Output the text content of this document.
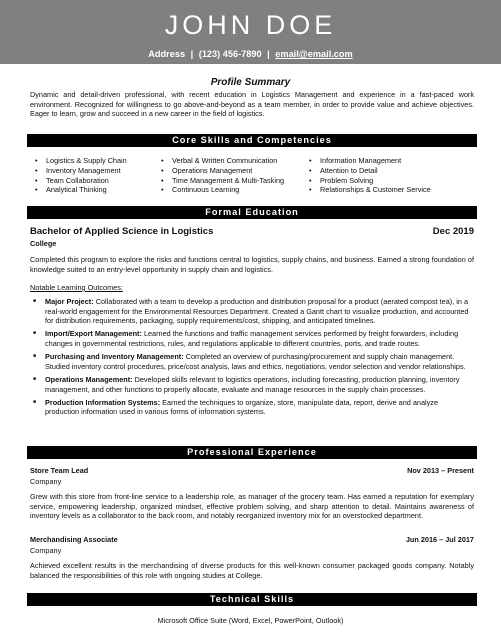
JOHN DOE
Address | (123) 456-7890 | email@email.com
Profile Summary
Dynamic and detail-driven professional, with recent education in Logistics Management and experience in a fast-paced work environment. Recognized for willingness to go above-and-beyond as a team member, in order to provide value and achieve objectives. Eager to learn, grow and succeed in a new career in the field of logistics.
Core Skills and Competencies
• Logistics & Supply Chain
• Inventory Management
• Team Collaboration
• Analytical Thinking
• Verbal & Written Communication
• Operations Management
• Time Management & Multi-Tasking
• Continuous Learning
• Information Management
• Attention to Detail
• Problem Solving
• Relationships & Customer Service
Formal Education
Bachelor of Applied Science in Logistics	Dec 2019
College
Completed this program to explore the risks and functions central to logistics, supply chains, and business. Earned a strong foundation of knowledge suited to an entry-level opportunity in supply chain and logistics.
Notable Learning Outcomes:
■ Major Project: Collaborated with a team to develop a production and distribution proposal for a product (aerated compost tea), in a real-world engagement for the Environmental Resources Department. Created a Gantt chart to visualize production, and accounted for distribution requirements, packaging, supply requirements/cost, shipping, and anticipated timelines.
■ Import/Export Management: Learned the functions and traffic management services performed by freight forwarders, including changes in governmental restrictions, rules, and regulations applicable to different countries, ports, and trade routes.
■ Purchasing and Inventory Management: Completed an overview of purchasing/procurement and supply chain management. Studied inventory control procedures, price/cost analysis, laws and ethics, negotiations, vendor selection and vendor relationships.
■ Operations Management: Developed skills relevant to logistics operations, including forecasting, production planning, inventory management, and other functions to properly allocate, evaluate and manage resources in the supply chain processes.
■ Production Information Systems: Earned the techniques to organize, store, manipulate data, report, derive and analyze production information used in various forms of information systems.
Professional Experience
Store Team Lead	Nov 2013 – Present
Company
Grew with this store from front-line service to a leadership role, as manager of the grocery team. Has earned a reputation for exemplary service, empowering leadership, organized mindset, effective problem solving, and sharp attention to detail. Maintains awareness of inventory levels as a collaborator to the back room, and notably reorganized inventory mix for an overstocked department.
Merchandising Associate	Jun 2016 – Jul 2017
Company
Achieved excellent results in the merchandising of diverse products for this well-known consumer packaged goods company. Notably balanced the responsibilities of this role with ongoing studies at College.
Technical Skills
Microsoft Office Suite (Word, Excel, PowerPoint, Outlook)
